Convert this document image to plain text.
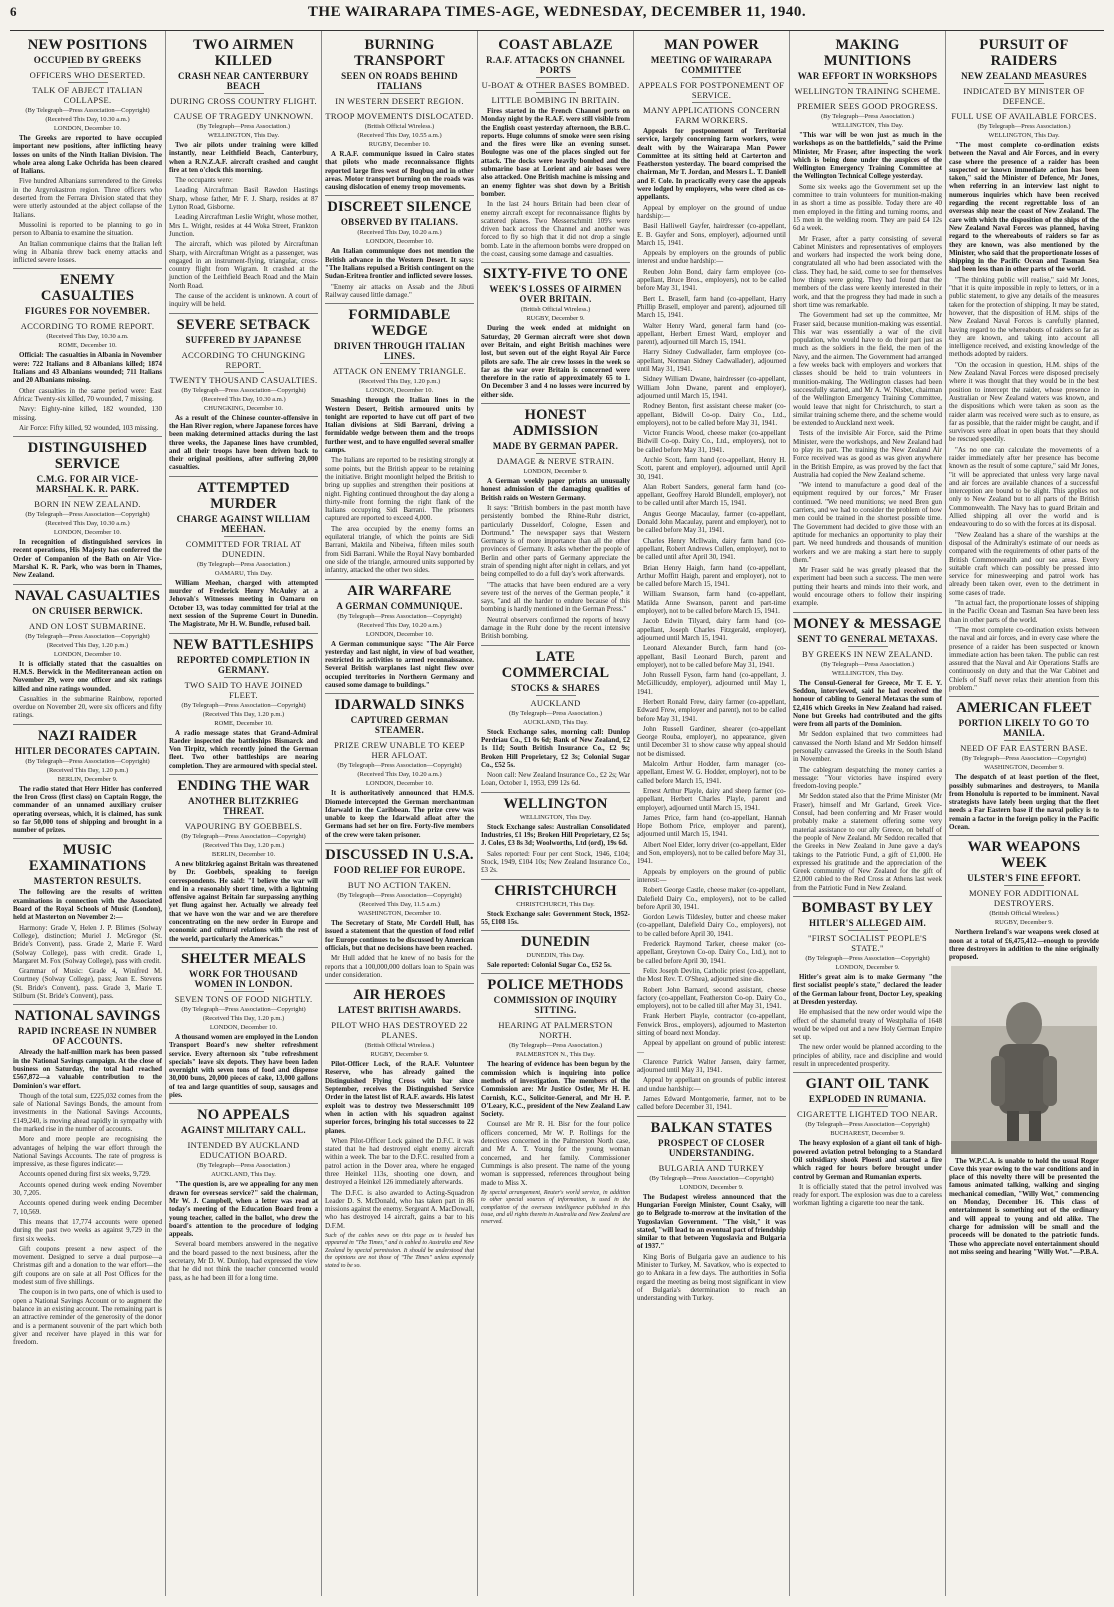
6	THE WAIRARAPA TIMES-AGE, WEDNESDAY, DECEMBER 11, 1940.
NEW POSITIONS
OCCUPIED BY GREEKS
OFFICERS WHO DESERTED.
TALK OF ABJECT ITALIAN COLLAPSE.
(By Telegraph—Press Association—Copyright)
(Received This Day, 10.30 a.m.)
LONDON, December 10.

The Greeks are reported to have occupied important new positions, after inflicting heavy losses on units of the Ninth Italian Division. The whole area along Lake Ochrida has been cleared of Italians.

Five hundred Albanians surrendered to the Greeks in the Argyrokastron region. Three officers who deserted from the Ferrara Division stated that they were utterly astounded at the abject collapse of the Italians.

Mussolini is reported to be planning to go in person to Albania to examine the situation.

An Italian communique claims that the Italian left wing in Albania threw back enemy attacks and inflicted severe losses.

ENEMY CASUALTIES
FIGURES FOR NOVEMBER.
ACCORDING TO ROME REPORT.
(Received This Day, 10.30 a.m.
ROME, December 10.

Official: The casualties in Albania in November were: 722 Italians and 8 Albanians killed; 1874 Italians and 43 Albanians wounded; 711 Italians and 20 Albanians missing.

Other casualties in the same period were: East Africa: Twenty-six killed, 70 wounded, 7 missing.

Navy: Eighty-nine killed, 182 wounded, 130 missing.

Air Force: Fifty killed, 92 wounded, 103 missing.

DISTINGUISHED SERVICE
C.M.G. FOR AIR VICE-MARSHAL K. R. PARK.
BORN IN NEW ZEALAND.
(By Telegraph—Press Association—Copyright)
(Received This Day, 10.30 a.m.)
LONDON, December 10.

In recognition of distinguished services in recent operations, His Majesty has conferred the Order of Companion of the Bath on Air Vice-Marshal K. R. Park, who was born in Thames, New Zealand.

NAVAL CASUALTIES
ON CRUISER BERWICK.
AND ON LOST SUBMARINE.
(By Telegraph—Press Association—Copyright)
(Received This Day, 1.20 p.m.)
LONDON, December 10.

It is officially stated that the casualties on H.M.S. Berwick in the Mediterranean action on November 29, were one officer and six ratings killed and nine ratings wounded.

Casualties in the submarine Rainbow, reported overdue on November 20, were six officers and fifty ratings.

NAZI RAIDER
HITLER DECORATES CAPTAIN.
(By Telegraph—Press Association—Copyright)
(Received This Day, 1.20 p.m.)
BERLIN, December 9.

The radio stated that Herr Hitler has conferred the Iron Cross (first class) on Captain Rogge, the commander of an unnamed auxiliary cruiser operating overseas, which, it is claimed, has sunk so far 50,000 tons of shipping and brought in a number of prizes.

MUSIC EXAMINATIONS
MASTERTON RESULTS.

The following are the results of written examinations in connection with the Associated Board of the Royal Schools of Music (London), held at Masterton on November 2:—

Harmony: Grade V, Helen J. P. Blimes (Solway College), distinction; Muriel J. McGregor (St. Bride's Convent), pass. Grade 2, Marie F. Ward (Solway College), pass with credit. Grade 1, Margaret M. Fox (Solway College), pass with credit.

Grammar of Music: Grade 4, Winifred M. Courtney (Solway College), pass; Jean E. Stevens (St. Bride's Convent), pass. Grade 3, Marie T. Stilburn (St. Bride's Convent), pass.

NATIONAL SAVINGS
RAPID INCREASE IN NUMBER OF ACCOUNTS.

Already the half-million mark has been passed in the National Savings campaign. At the close of business on Saturday, the total had reached £567,872—a valuable contribution to the Dominion's war effort.

Though of the total sum, £225,032 comes from the sale of National Savings Bonds, the amount from investments in the National Savings Accounts, £149,240, is moving ahead rapidly in sympathy with the marked rise in the number of accounts.

More and more people are recognising the advantages of helping the war effort through the National Savings Accounts. The rate of progress is impressive, as these figures indicate:—

Accounts opened during first six weeks, 9,729.

Accounts opened during week ending November 30, 7,205.

Accounts opened during week ending December 7, 10,569.

This means that 17,774 accounts were opened during the past two weeks as against 9,729 in the first six weeks.

Gift coupons present a new aspect of the movement. Designed to serve a dual purpose—a Christmas gift and a donation to the war effort—the gift coupons are on sale at all Post Offices for the modest sum of five shillings.

The coupon is in two parts, one of which is used to open a National Savings Account or to augment the balance in an existing account. The remaining part is an attractive reminder of the generosity of the donor and is a permanent souvenir of the part which both giver and receiver have played in this war for freedom.

TWO AIRMEN KILLED
CRASH NEAR CANTERBURY BEACH
DURING CROSS COUNTRY FLIGHT.
CAUSE OF TRAGEDY UNKNOWN.
(By Telegraph—Press Association.)
WELLINGTON, This Day.

Two air pilots under training were killed instantly, near Leithfield Beach, Canterbury, when a R.N.Z.A.F. aircraft crashed and caught fire at ten o'clock this morning.

The occupants were:

Leading Aircraftman Basil Rawdon Hastings Sharp, whose father, Mr F. J. Sharp, resides at 87 Lytton Road, Gisborne.

Leading Aircraftman Leslie Wright, whose mother, Mrs L. Wright, resides at 44 Woka Street, Frankton Junction.

The aircraft, which was piloted by Aircraftman Sharp, with Aircraftman Wright as a passenger, was engaged in an instrument-flying, triangular, cross-country flight from Wigram. It crashed at the junction of the Leithfield Beach Road and the Main North Road.

The cause of the accident is unknown. A court of inquiry will be held.

SEVERE SETBACK
SUFFERED BY JAPANESE
ACCORDING TO CHUNGKING REPORT.
TWENTY THOUSAND CASUALTIES.
(By Telegraph—Press Association—Copyright)
(Received This Day, 10.30 a.m.)
CHUNGKING, December 10.

As a result of the Chinese counter-offensive in the Han River region, where Japanese forces have been making determined attacks during the last three weeks, the Japanese lines have crumbled, and all their troops have been driven back to their original positions, after suffering 20,000 casualties.

ATTEMPTED MURDER
CHARGE AGAINST WILLIAM MEEHAN.
COMMITTED FOR TRIAL AT DUNEDIN.
(By Telegraph—Press Association.)
OAMARU, This Day.

William Meehan, charged with attempted murder of Frederick Henry McAuley at a Jehovah's Witnesses meeting in Oamaru on October 13, was today committed for trial at the next session of the Supreme Court in Dunedin. The Magistrate, Mr H. W. Bundle, refused bail.

NEW BATTLESHIPS
REPORTED COMPLETION IN GERMANY.
TWO SAID TO HAVE JOINED FLEET.
(By Telegraph—Press Association—Copyright)
(Received This Day, 1.20 p.m.)
ROME, December 10.

A radio message states that Grand-Admiral Raeder inspected the battleships Bismarck and Von Tirpitz, which recently joined the German fleet. Two other battleships are nearing completion. They are armoured with special steel.

ENDING THE WAR
ANOTHER BLITZKRIEG THREAT.
VAPOURING BY GOEBBELS.
(By Telegraph—Press Association—Copyright)
(Received This Day, 1.20 p.m.)
BERLIN, December 10.

A new blitzkrieg against Britain was threatened by Dr. Goebbels, speaking to foreign correspondents. He said: "I believe the war will end in a reasonably short time, with a lightning offensive against Britain far surpassing anything yet flung against her. Actually we already feel that we have won the war and we are therefore concentrating on the new order in Europe and economic and cultural relations with the rest of the world, particularly the Americas."

SHELTER MEALS
WORK FOR THOUSAND WOMEN IN LONDON.
SEVEN TONS OF FOOD NIGHTLY.
(By Telegraph—Press Association—Copyright)
(Received This Day, 1.20 p.m.)
LONDON, December 10.

A thousand women are employed in the London Transport Board's new shelter refreshment service. Every afternoon six "tube refreshment specials" leave six depots. They have been laden overnight with seven tons of food and dispense 30,000 buns, 20,000 pieces of cake, 13,000 gallons of tea and large quantities of soup, sausages and pies.

NO APPEALS
AGAINST MILITARY CALL.
INTENDED BY AUCKLAND EDUCATION BOARD.
(By Telegraph—Press Association.)
AUCKLAND, This Day.

"The question is, are we appealing for any men drawn for overseas service?" said the chairman, Mr W. J. Campbell, when a letter was read at today's meeting of the Education Board from a young teacher, called in the ballot, who drew the board's attention to the procedure of lodging appeals.

Several board members answered in the negative and the board passed to the next business, after the secretary, Mr D. W. Dunlop, had expressed the view that he did not think the teacher concerned would pass, as he had been ill for a long time.

BURNING TRANSPORT
SEEN ON ROADS BEHIND ITALIANS
IN WESTERN DESERT REGION.
TROOP MOVEMENTS DISLOCATED.
(British Official Wireless.)
(Received This Day, 10.55 a.m.)
RUGBY, December 10.

A R.A.F. communique issued in Cairo states that pilots who made reconnaissance flights reported large fires west of Buqbuq and in other areas. Motor transport burning on the roads was causing dislocation of enemy troop movements.

DISCREET SILENCE
OBSERVED BY ITALIANS.
(Received This Day, 10.20 a.m.)
LONDON, December 10.

An Italian communique does not mention the British advance in the Western Desert. It says: "The Italians repulsed a British contingent on the Sudan-Eritrea frontier and inflicted severe losses.

"Enemy air attacks on Assab and the Jibuti Railway caused little damage."

FORMIDABLE WEDGE
DRIVEN THROUGH ITALIAN LINES.
ATTACK ON ENEMY TRIANGLE.
(Received This Day, 1.20 p.m.)
LONDON, December 10.

Smashing through the Italian lines in the Western Desert, British armoured units by tonight are reported to have cut off part of two Italian divisions at Sidi Barrani, driving a formidable wedge between them and the troops further west, and to have engulfed several smaller camps.

The Italians are reported to be resisting strongly at some points, but the British appear to be retaining the initiative. Bright moonlight helped the British to bring up supplies and strengthen their positions at night. Fighting continued throughout the day along a thirty-mile front forming the right flank of the Italians occupying Sidi Barrani. The prisoners captured are reported to exceed 4,000.

The area occupied by the enemy forms an equilateral triangle, of which the points are Sidi Barrani, Maktila and Nibeiwa, fifteen miles south from Sidi Barrani. While the Royal Navy bombarded one side of the triangle, armoured units supported by infantry, attacked the other two sides.

AIR WARFARE
A GERMAN COMMUNIQUE.
(By Telegraph—Press Association—Copyright)
(Received This Day, 10.20 a.m.)
LONDON, December 10.

A German communique says: "The Air Force yesterday and last night, in view of bad weather, restricted its activities to armed reconnaissance. Several British warplanes last night flew over occupied territories in Northern Germany and caused some damage to buildings."

IDARWALD SINKS
CAPTURED GERMAN STEAMER.
PRIZE CREW UNABLE TO KEEP HER AFLOAT.
(By Telegraph—Press Association—Copyright)
(Received This Day, 10.20 a.m.)
LONDON, December 10.

It is authoritatively announced that H.M.S. Diomede intercepted the German merchantman Idarwald in the Caribbean. The prize crew was unable to keep the Idarwald afloat after the Germans had set her on fire. Forty-five members of the crew were taken prisoner.

DISCUSSED IN U.S.A.
FOOD RELIEF FOR EUROPE.
BUT NO ACTION TAKEN.
(By Telegraph—Press Association—Copyright)
(Received This Day, 11.5 a.m.)
WASHINGTON, December 10.

The Secretary of State, Mr Cordell Hull, has issued a statement that the question of food relief for Europe continues to be discussed by American officials, but that no decisions have been reached.

Mr Hull added that he knew of no basis for the reports that a 100,000,000 dollars loan to Spain was under consideration.

AIR HEROES
LATEST BRITISH AWARDS.
PILOT WHO HAS DESTROYED 22 PLANES.
(British Official Wireless.)
RUGBY, December 9.

Pilot-Officer Lock, of the R.A.F. Volunteer Reserve, who has already gained the Distinguished Flying Cross with bar since September, receives the Distinguished Service Order in the latest list of R.A.F. awards. His latest exploit was to destroy two Messerschmitt 109 when in action with his squadron against superior forces, bringing his total successes to 22 planes.

When Pilot-Officer Lock gained the D.F.C. it was stated that he had destroyed eight enemy aircraft within a week. The bar to the D.F.C. resulted from a patrol action in the Dover area, where he engaged three Heinkel 113s, shooting one down, and destroyed a Heinkel 126 immediately afterwards.

The D.F.C. is also awarded to Acting-Squadron Leader D. S. McDonald, who has taken part in 86 missions against the enemy. Sergeant A. MacDowall, who has destroyed 14 aircraft, gains a bar to his D.F.M.

Such of the cables news on this page as is headed has appeared in "The Times," and is cabled to Australia and New Zealand by special permission. It should be understood that the opinions are not those of "The Times" unless expressly stated to be so.
COAST ABLAZE
R.A.F. ATTACKS ON CHANNEL PORTS
U-BOAT & OTHER BASES BOMBED.
LITTLE BOMBING IN BRITAIN.

Fires started in the French Channel ports on Monday night by the R.A.F. were still visible from the English coast yesterday afternoon, the B.B.C. reports. Huge columns of smoke were seen rising and the fires were like an evening sunset. Boulogne was one of the places singled out for attack. The docks were heavily bombed and the submarine base at Lorient and air bases were also attacked. One British machine is missing and an enemy fighter was shot down by a British bomber.

In the last 24 hours Britain had been clear of enemy aircraft except for reconnaissance flights by scattered planes. Two Messerschmitt 109's were driven back across the Channel and another was forced to fly so high that it did not drop a single bomb. Late in the afternoon bombs were dropped on the coast, causing some damage and casualties.

SIXTY-FIVE TO ONE
WEEK'S LOSSES OF AIRMEN OVER BRITAIN.
(British Official Wireless.)
RUGBY, December 9.

During the week ended at midnight on Saturday, 20 German aircraft were shot down over Britain, and eight British machines were lost, but seven out of the eight Royal Air Force pilots are safe. The air crew losses in the week so far as the war over Britain is concerned were therefore in the ratio of approximately 65 to 1. On December 3 and 4 no losses were incurred by either side.

HONEST ADMISSION
MADE BY GERMAN PAPER.
DAMAGE & NERVE STRAIN.
LONDON, December 9.

A German weekly paper prints an unusually honest admission of the damaging qualities of British raids on Western Germany.

It says: "British bombers in the past month have persistently bombed the Rhine-Ruhr district, particularly Dusseldorf, Cologne, Essen and Dortmund." The newspaper says that Western Germany is of more importance than all the other provinces of Germany. It asks whether the people of Berlin and other parts of Germany appreciate the strain of spending night after night in cellars, and yet being compelled to do a full day's work afterwards.

"The attacks that have been endured are a very severe test of the nerves of the German people," it says, "and all the harder to endure because of this bombing is hardly mentioned in the German Press."

Neutral observers confirmed the reports of heavy damage in the Ruhr done by the recent intensive British bombing.

LATE COMMERCIAL
STOCKS & SHARES
AUCKLAND
(By Telegraph—Press Association.)
AUCKLAND, This Day.

Stock Exchange sales, morning call: Dunlop Perdriau Co., £1 0s 6d; Bank of New Zealand, £2 1s 11d; South British Insurance Co., £2 9s; Broken Hill Proprietary, £2 3s; Colonial Sugar Co., £52 5s.

Noon call: New Zealand Insurance Co., £2 2s; War Loan, October 1, 1953, £99 12s 6d.

WELLINGTON
WELLINGTON, This Day.

Stock Exchange sales: Australian Consolidated Industries, £1 19s; Broken Hill Proprietary, £2 5s; J. Coles, £3 8s 3d; Woolworths, Ltd (ord), 19s 6d.

Sales reported: Four per cent Stock, 1946, £104; Stock, 1949, £104 10s; New Zealand Insurance Co., £3 2s.

CHRISTCHURCH
CHRISTCHURCH, This Day.

Stock Exchange sale: Government Stock, 1952-55, £108 15s.

DUNEDIN
DUNEDIN, This Day.

Sale reported: Colonial Sugar Co., £52 5s.

POLICE METHODS
COMMISSION OF INQUIRY SITTING.
HEARING AT PALMERSTON NORTH.
(By Telegraph—Press Association.)
PALMERSTON N., This Day.

The hearing of evidence has been begun by the commission which is inquiring into police methods of investigation. The members of the Commission are: Mr Justice Ostler, Mr H. H. Cornish, K.C., Solicitor-General, and Mr H. P. O'Leary, K.C., president of the New Zealand Law Society.

Counsel are Mr R. H. Bisr for the four police officers concerned, Mr W. P. Rollings for the detectives concerned in the Palmerston North case, and Mr A. T. Young for the young woman concerned, and her family. Commissioner Cummings is also present. The name of the young woman is suppressed, references throughout being made to Miss X.

By special arrangement, Reuter's world service, in addition to other special sources of information, is used in the compilation of the overseas intelligence published in this issue, and all rights therein in Australia and New Zealand are reserved.
MAN POWER
MEETING OF WAIRARAPA COMMITTEE
APPEALS FOR POSTPONEMENT OF SERVICE.
MANY APPLICATIONS CONCERN FARM WORKERS.

Appeals for postponement of Territorial service, largely concerning farm workers, were dealt with by the Wairarapa Man Power Committee at its sitting held at Carterton and Featherston yesterday. The board comprised the chairman, Mr T. Jordan, and Messrs L. T. Daniell and F. Cole. In practically every case the appeals were lodged by employers, who were cited as co-appellants.

Appeal by employer on the ground of undue hardship:—

Basil Halliwell Gayfer, hairdresser (co-appellant, E. B. Gayfer and Sons, employer), adjourned until March 15, 1941.

Appeals by employers on the grounds of public interest and undue hardship:—

Reuben John Bond, dairy farm employee (co-appellant, Bruce Bros., employers), not to be called before May 31, 1941.

Bert L. Brasell, farm hand (co-appellant, Harry Phillip Brasell, employer and parent), adjourned till March 15, 1941.

Walter Henry Ward, general farm hand (co-appellant, Herbert Ernest Ward, employer and parent), adjourned till March 15, 1941.

Harry Sidney Cudwallader, farm employee (co-appellant, Norman Sidney Cadwallader), adjourned until May 31, 1941.

Sidney William Dwane, hairdresser (co-appellant, William John Dwane, parent and employer), adjourned until March 15, 1941.

Rodney Benton, first assistant cheese maker (co-appellant, Bidwill Co-op. Dairy Co., Ltd., employers), not to be called before May 31, 1941.

Victor Francis Wood, cheese maker (co-appellant Bidwill Co-op. Dairy Co., Ltd., employers), not to be called before May 31, 1941.

Archie Scott, farm hand (co-appellant, Henry H. Scott, parent and employer), adjourned until April 30, 1941.

Alan Robert Sanders, general farm hand (co-appellant, Geoffrey Harold Blundell, employer), not to be called until after March 15, 1941.

Angus George Macaulay, farmer (co-appellant, Donald John Macaulay, parent and employer), not to be called before May 31, 1941.

Charles Henry McIlwain, dairy farm hand (co-appellant, Robert Andrews Cullen, employer), not to be called until after April 30, 1941.

Brian Henry Haigh, farm hand (co-appellant, Arthur Moffitt Haigh, parent and employer), not to be called before March 15, 1941.

William Swanson, farm hand (co-appellant, Matilda Anne Swanson, parent and part-time employer), not to be called before March 15, 1941.

Jacob Edwin Tilyard, dairy farm hand (co-appellant, Joseph Charles Fitzgerald, employer), adjourned until March 15, 1941.

Leonard Alexander Burch, farm hand (co-appellant, Basil Leonard Burch, parent and employer), not to be called before May 31, 1941.

John Russell Fyson, farm hand (co-appellant, J. McGillicuddy, employer), adjourned until May 1, 1941.

Herbert Ronald Frew, dairy farmer (co-appellant, Edward Frew, employer and parent), not to be called before May 31, 1941.

John Russell Gardiner, shearer (co-appellant George Rouba, employer), no appearance, given until December 31 to show cause why appeal should not be dismissed.

Malcolm Arthur Hodder, farm manager (co-appellant, Ernest W. G. Hodder, employer), not to be called before March 15, 1941.

Ernest Arthur Playle, dairy and sheep farmer (co-appellant, Herbert Charles Playle, parent and employer), adjourned until March 15, 1941.

James Price, farm hand (co-appellant, Hannah Hope Bothom Price, employer and parent), adjourned until March 15, 1941.

Albert Noel Elder, lorry driver (co-appellant, Elder and Son, employers), not to be called before May 31, 1941.

Appeals by employers on the ground of public interest:—

Robert George Castle, cheese maker (co-appellant, Dalefield Dairy Co., employers), not to be called before April 30, 1941.

Gordon Lewis Tildesley, butter and cheese maker (co-appellant, Dalefield Dairy Co., employers), not to be called before April 30, 1941.

Frederick Raymond Tarker, cheese maker (co-appellant, Greytown Co-op. Dairy Co., Ltd.), not to be called before April 30, 1941.

Felix Joseph Devlin, Catholic priest (co-appellant, the Most Rev. T. O'Shea), adjourned sine die.

Robert John Barnard, second assistant, cheese factory (co-appellant, Featherston Co-op. Dairy Co., employers), not to be called till after May 31, 1941.

Frank Herbert Playle, contractor (co-appellant, Fenwick Bros., employers), adjourned to Masterton sitting of board next Monday.

Appeal by appellant on ground of public interest:—

Clarence Patrick Walter Jansen, dairy farmer, adjourned until May 31, 1941.

Appeal by appellant on grounds of public interest and undue hardship:—

James Edward Montgomerie, farmer, not to be called before December 31, 1941.

BALKAN STATES
PROSPECT OF CLOSER UNDERSTANDING.
BULGARIA AND TURKEY
(By Telegraph—Press Association—Copyright)
LONDON, December 9.

The Budapest wireless announced that the Hungarian Foreign Minister, Count Csaky, will go to Belgrade to-morrow at the invitation of the Yugoslavian Government. "The visit," it was stated, "will lead to an eventual pact of friendship similar to that between Yugoslavia and Bulgaria of 1937."

King Boris of Bulgaria gave an audience to his Minister to Turkey, M. Savatkov, who is expected to go to Ankara in a few days. The authorities in Sofia regard the meeting as being most significant in view of Bulgaria's determination to reach an understanding with Turkey.

MAKING MUNITIONS
WAR EFFORT IN WORKSHOPS
WELLINGTON TRAINING SCHEME.
PREMIER SEES GOOD PROGRESS.
(By Telegraph—Press Association.)
WELLINGTON, This Day.

"This war will be won just as much in the workshops as on the battlefields," said the Prime Minister, Mr Fraser, after inspecting the work which is being done under the auspices of the Wellington Emergency Training Committee at the Wellington Technical College yesterday.

Some six weeks ago the Government set up the committee to train volunteers for munition-making in as short a time as possible. Today there are 40 men employed in the fitting and turning rooms, and 15 men in the welding room. They are paid £4 12s 6d a week.

Mr Fraser, after a party consisting of several Cabinet Ministers and representatives of employers and workers had inspected the work being done, congratulated all who had been associated with the class. They had, he said, come to see for themselves how things were going. They had found that the members of the class were keenly interested in their work, and that the progress they had made in such a short time was remarkable.

The Government had set up the committee, Mr Fraser said, because munition-making was essential. This war was essentially a war of the civil population, who would have to do their part just as much as the soldiers in the field, the men of the Navy, and the airmen. The Government had arranged a few weeks back with employers and workers that classes should be held to train volunteers in munition-making. The Wellington classes had been successfully started, and Mr A. W. Nisbet, chairman of the Wellington Emergency Training Committee, would leave that night for Christchurch, to start a similar training scheme there, and the scheme would be extended to Auckland next week.

Tests of the invisible Air Force, said the Prime Minister, were the workshops, and New Zealand had to play its part. The training the New Zealand Air Force received was as good as was given anywhere in the British Empire, as was proved by the fact that Australia had copied the New Zealand scheme.

"We intend to manufacture a good deal of the equipment required by our forces," Mr Fraser continued. "We need munitions; we need Bren gun carriers, and we had to consider the problem of how men could be trained in the shortest possible time. The Government had decided to give those with an aptitude for mechanics an opportunity to play their part. We need hundreds and thousands of munition workers and we are making a start here to supply them."

Mr Fraser said he was greatly pleased that the experiment had been such a success. The men were putting their hearts and minds into their work, and would encourage others to follow their inspiring example.

MONEY & MESSAGE
SENT TO GENERAL METAXAS.
BY GREEKS IN NEW ZEALAND.
(By Telegraph—Press Association.)
WELLINGTON, This Day.

The Consul-General for Greece, Mr T. E. Y. Seddon, interviewed, said he had received the honour of cabling to General Metaxas the sum of £2,416 which Greeks in New Zealand had raised. None but Greeks had contributed and the gifts were from all parts of the Dominion.

Mr Seddon explained that two committees had canvassed the North Island and Mr Seddon himself personally canvassed the Greeks in the South Island in November.

The cablegram despatching the money carries a message: "Your victories have inspired every freedom-loving people."

Mr Seddon stated also that the Prime Minister (Mr Fraser), himself and Mr Garland, Greek Vice-Consul, had been conferring and Mr Fraser would probably make a statement offering some very material assistance to our ally Greece, on behalf of the people of New Zealand. Mr Seddon recalled that the Greeks in New Zealand in June gave a day's takings to the Patriotic Fund, a gift of £1,000. He expressed his gratitude and the appreciation of the Greek community of New Zealand for the gift of £2,000 cabled to the Red Cross at Athens last week from the Patriotic Fund in New Zealand.

BOMBAST BY LEY
HITLER'S ALLEGED AIM.
"FIRST SOCIALIST PEOPLE'S STATE."
(By Telegraph—Press Association—Copyright)
LONDON, December 9.

Hitler's great aim is to make Germany "the first socialist people's state," declared the leader of the German labour front, Doctor Ley, speaking at Dresden yesterday.

He emphasised that the new order would wipe the effect of the shameful treaty of Westphalia of 1648 would be wiped out and a new Holy German Empire set up.

The new order would be planned according to the principles of ability, race and discipline and would result in unprecedented prosperity.

GIANT OIL TANK
EXPLODED IN RUMANIA.
CIGARETTE LIGHTED TOO NEAR.
(By Telegraph—Press Association—Copyright)
BUCHAREST, December 9.

The heavy explosion of a giant oil tank of high-powered aviation petrol belonging to a Standard Oil subsidiary shook Ploesti and started a fire which raged for hours before brought under control by German and Rumanian experts.

It is officially stated that the petrol involved was ready for export. The explosion was due to a careless workman lighting a cigarette too near the tank.

PURSUIT OF RAIDERS
NEW ZEALAND MEASURES
INDICATED BY MINISTER OF DEFENCE.
FULL USE OF AVAILABLE FORCES.
(By Telegraph—Press Association.)
WELLINGTON, This Day.

"The most complete co-ordination exists between the Naval and Air Forces, and in every case where the presence of a raider has been suspected or known immediate action has been taken," said the Minister of Defence, Mr Jones, when referring in an interview last night to numerous inquiries which have been received regarding the recent regrettable loss of an overseas ship near the coast of New Zealand. The care with which the disposition of the ships of the New Zealand Naval Forces was planned, having regard to the whereabouts of raiders so far as they are known, was also mentioned by the Minister, who said that the proportionate losses of shipping in the Pacific Ocean and Tasman Sea had been less than in other parts of the world.

"The thinking public will realise," said Mr Jones, "that it is quite impossible in reply to letters, or in a public statement, to give any details of the measures taken for the protection of shipping. It may be stated, however, that the disposition of H.M. ships of the New Zealand Naval Forces is carefully planned, having regard to the whereabouts of raiders so far as they are known, and taking into account all intelligence received, and existing knowledge of the methods adopted by raiders.

"On the occasion in question, H.M. ships of the New Zealand Naval Forces were disposed precisely where it was thought that they would be in the best position to intercept the raider, whose presence in Australian or New Zealand waters was known, and the dispositions which were taken as soon as the raider alarm was received were such as to ensure, as far as possible, that the raider might be caught, and if survivors were afloat in open boats that they should be rescued speedily.

"As no one can calculate the movements of a raider immediately after her presence has become known as the result of some capture," said Mr Jones, "it will be appreciated that unless very large naval and air forces are available chances of a successful interception are bound to be slight. This applies not only to New Zealand but to all parts of the British Commonwealth. The Navy has to guard Britain and Allied shipping all over the world and is endeavouring to do so with the forces at its disposal.

"New Zealand has a share of the warships at the disposal of the Admiralty's estimate of our needs as compared with the requirements of other parts of the British Commonwealth and our sea areas. Every suitable craft which can possibly be pressed into service for minesweeping and patrol work has already been taken over, even to the detriment in some cases of trade.

"In actual fact, the proportionate losses of shipping in the Pacific Ocean and Tasman Sea have been less than in other parts of the world.

"The most complete co-ordination exists between the naval and air forces, and in every case where the presence of a raider has been suspected or known immediate action has been taken. The public can rest assured that the Naval and Air Operations Staffs are continuously on duty and that the War Cabinet and Chiefs of Staff never relax their attention from this problem."

AMERICAN FLEET
PORTION LIKELY TO GO TO MANILA.
NEED OF FAR EASTERN BASE.
(By Telegraph—Press Association—Copyright)
WASHINGTON, December 9.

The despatch of at least portion of the fleet, possibly submarines and destroyers, to Manila from Honolulu is reported to be imminent. Naval strategists have lately been urging that the fleet needs a Far Eastern base if the naval policy is to remain a factor in the foreign policy in the Pacific Ocean.

WAR WEAPONS WEEK
ULSTER'S FINE EFFORT.
MONEY FOR ADDITIONAL DESTROYERS.
(British Official Wireless.)
RUGBY, December 9.

Northern Ireland's war weapons week closed at noon at a total of £6,475,412—enough to provide three destroyers in addition to the nine originally proposed.

The W.P.C.A. is unable to hold the usual Roger Cove this year owing to the war conditions and in place of this novelty there will be presented the famous animated talking, walking and singing mechanical comedian, "Willy Wot," commencing on Monday, December 16. This class of entertainment is something out of the ordinary and will appeal to young and old alike. The charge for admission will be small and the proceeds will be donated to the patriotic funds. Those who appreciate novel entertainment should not miss seeing and hearing "Willy Wot."—P.B.A.
